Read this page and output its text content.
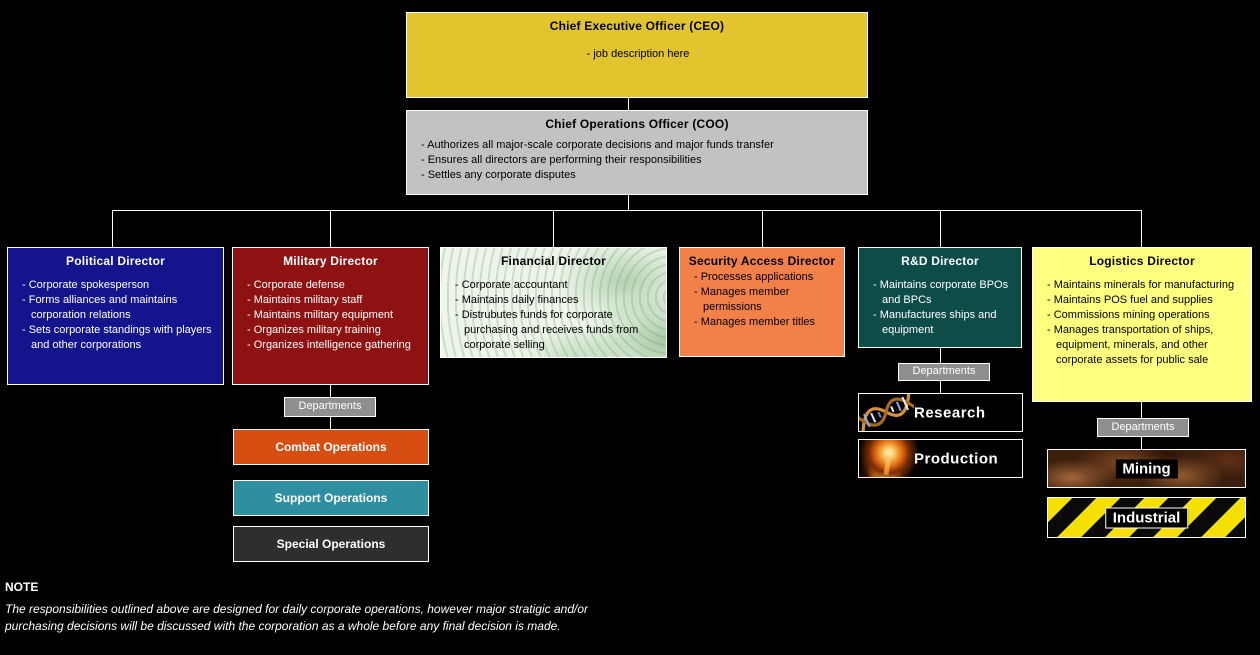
Chief Executive Officer (CEO)
- job description here
Chief Operations Officer (COO)
- Authorizes all major-scale corporate decisions and major funds transfer
- Ensures all directors are performing their responsibilities
- Settles any corporate disputes
Political Director
- Corporate spokesperson
- Forms alliances and maintains corporation relations
- Sets corporate standings with players and other corporations
Military Director
- Corporate defense
- Maintains military staff
- Maintains military equipment
- Organizes military training
- Organizes intelligence gathering
Financial Director
- Corporate accountant
- Maintains daily finances
- Distrubutes funds for corporate purchasing and receives funds from corporate selling
Security Access Director
- Processes applications
- Manages member permissions
- Manages member titles
R&D Director
- Maintains corporate BPOs and BPCs
- Manufactures ships and equipment
Logistics Director
- Maintains minerals for manufacturing
- Maintains POS fuel and supplies
- Commissions mining operations
- Manages transportation of ships, equipment, minerals, and other corporate assets for public sale
Departments
Departments
Departments
Combat Operations
Support Operations
Special Operations
Research
Production
Mining
Industrial
NOTE
The responsibilities outlined above are designed for daily corporate operations, however major stratigic and/or purchasing decisions will be discussed with the corporation as a whole before any final decision is made.
